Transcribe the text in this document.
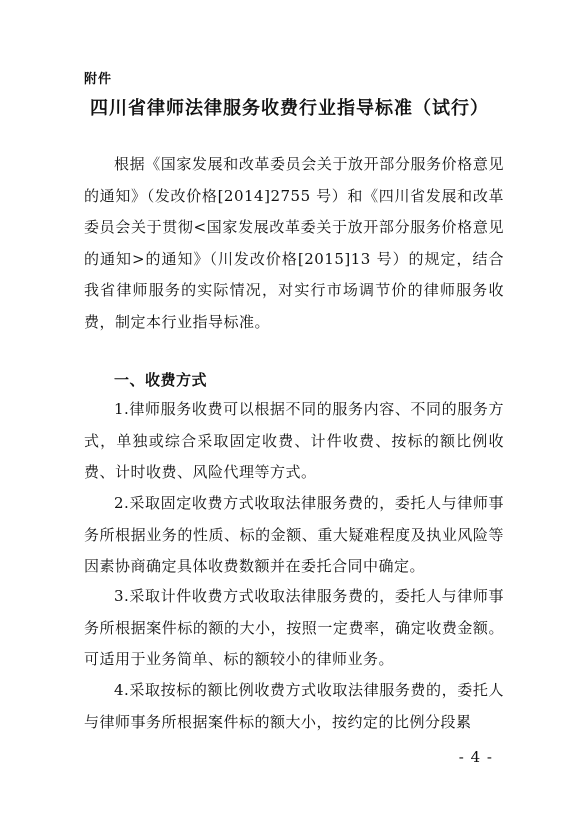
附件
四川省律师法律服务收费行业指导标准（试行）

根据《国家发展和改革委员会关于放开部分服务价格意见的通知》（发改价格[2014]2755 号）和《四川省发展和改革委员会关于贯彻<国家发展改革委关于放开部分服务价格意见的通知>的通知》（川发改价格[2015]13 号）的规定，结合我省律师服务的实际情况，对实行市场调节价的律师服务收费，制定本行业指导标准。

一、收费方式

1.律师服务收费可以根据不同的服务内容、不同的服务方式，单独或综合采取固定收费、计件收费、按标的额比例收费、计时收费、风险代理等方式。

2.采取固定收费方式收取法律服务费的，委托人与律师事务所根据业务的性质、标的金额、重大疑难程度及执业风险等因素协商确定具体收费数额并在委托合同中确定。

3.采取计件收费方式收取法律服务费的，委托人与律师事务所根据案件标的额的大小，按照一定费率，确定收费金额。可适用于业务简单、标的额较小的律师业务。

4.采取按标的额比例收费方式收取法律服务费的，委托人与律师事务所根据案件标的额大小，按约定的比例分段累

- 4 -
